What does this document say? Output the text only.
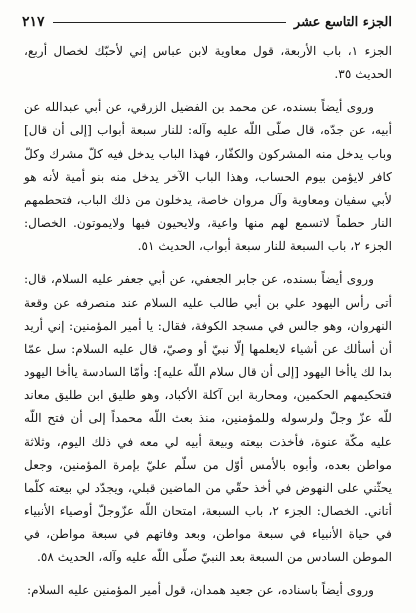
الجزء التاسع عشر
٢١٧

الجزء ١، باب الأربعة، قول معاوية لابن عباس إني لأحبّك لخصال أربع، الحديث ٣٥.

وروى أيضاً بسنده، عن محمد بن الفضيل الزرقي، عن أبي عبدالله عن أبيه، عن جدّه، قال صلّى اللّه عليه وآله: للنار سبعة أبواب [إلى أن قال] وباب يدخل منه المشركون والكفّار، فهذا الباب يدخل فيه كلّ مشرك وكلّ كافر لايؤمن بيوم الحساب، وهذا الباب الآخر يدخل منه بنو أمية لأنه هو لأبي سفيان ومعاوية وآل مروان خاصة، يدخلون من ذلك الباب، فتحطمهم النار حطماً لاتسمع لهم منها واعية، ولايحيون فيها ولايموتون. الخصال: الجزء ٢، باب السبعة للنار سبعة أبواب، الحديث ٥١.

وروى أيضاً بسنده، عن جابر الجعفي، عن أبي جعفر عليه السلام، قال: أتى رأس اليهود علي بن أبي طالب عليه السلام عند منصرفه عن وقعة النهروان، وهو جالس في مسجد الكوفة، فقال: يا أمير المؤمنين: إني أريد أن أسألك عن أشياء لايعلمها إلّا نبيّ أو وصيّ، قال عليه السلام: سل عمّا بدا لك ياأخا اليهود [إلى أن قال سلام اللّه عليه]: وأمّا السادسة ياأخا اليهود فتحكيمهم الحكمين، ومحاربة ابن آكلة الأكباد، وهو طليق ابن طليق معاند للّه عزّ وجلّ ولرسوله وللمؤمنين، منذ بعث اللّه محمداً إلى أن فتح اللّه عليه مكّة عنوة، فأخذت بيعته وبيعة أبيه لي معه في ذلك اليوم، وثلاثة مواطن بعده، وأبوه بالأمس أوّل من سلّم عليّ بإمرة المؤمنين، وجعل يحثّني على النهوض في أخذ حقّي من الماضين قبلي، ويجدّد لي بيعته كلّما أتاني. الخصال: الجزء ٢، باب السبعة، امتحان اللّه عزّوجلّ أوصياء الأنبياء في حياة الأنبياء في سبعة مواطن، وبعد وفاتهم في سبعة مواطن، في الموطن السادس من السبعة بعد النبيّ صلّى اللّه عليه وآله، الحديث ٥٨.

وروى أيضاً باسناده، عن جعيد همدان، قول أمير المؤمنين عليه السلام:
